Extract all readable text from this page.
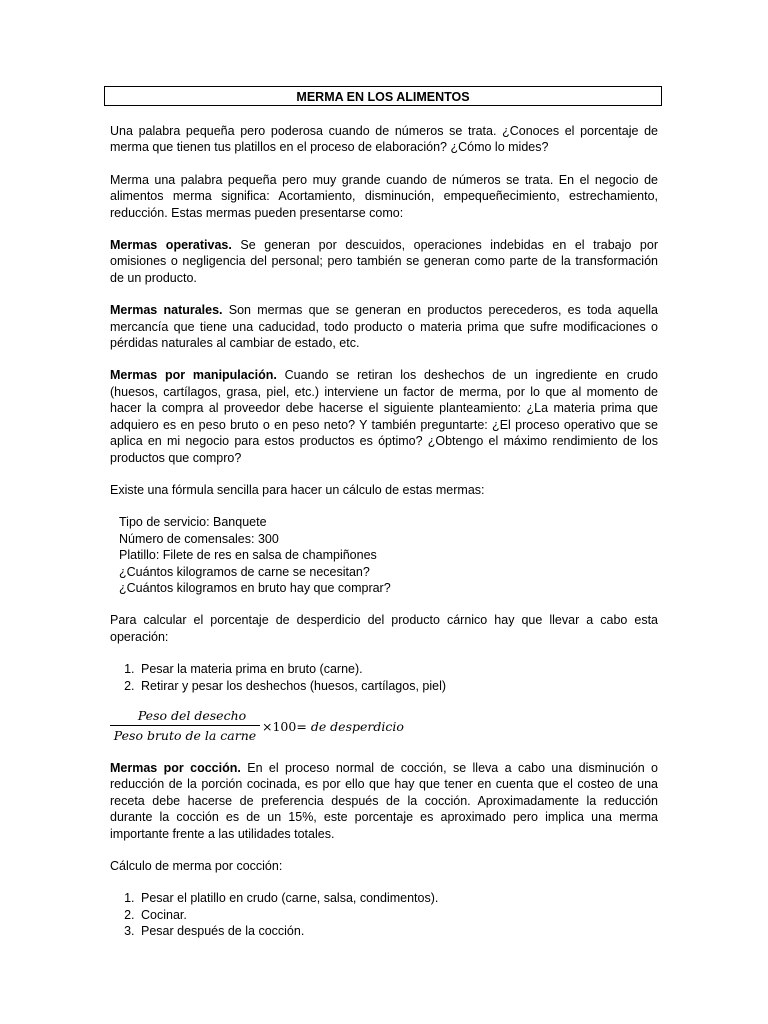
MERMA EN LOS ALIMENTOS

Una palabra pequeña pero poderosa cuando de números se trata. ¿Conoces el porcentaje de merma que tienen tus platillos en el proceso de elaboración? ¿Cómo lo mides?

Merma una palabra pequeña pero muy grande cuando de números se trata. En el negocio de alimentos merma significa: Acortamiento, disminución, empequeñecimiento, estrechamiento, reducción. Estas mermas pueden presentarse como:

Mermas operativas. Se generan por descuidos, operaciones indebidas en el trabajo por omisiones o negligencia del personal; pero también se generan como parte de la transformación de un producto.

Mermas naturales. Son mermas que se generan en productos perecederos, es toda aquella mercancía que tiene una caducidad, todo producto o materia prima que sufre modificaciones o pérdidas naturales al cambiar de estado, etc.

Mermas por manipulación. Cuando se retiran los deshechos de un ingrediente en crudo (huesos, cartílagos, grasa, piel, etc.) interviene un factor de merma, por lo que al momento de hacer la compra al proveedor debe hacerse el siguiente planteamiento: ¿La materia prima que adquiero es en peso bruto o en peso neto? Y también preguntarte: ¿El proceso operativo que se aplica en mi negocio para estos productos es óptimo? ¿Obtengo el máximo rendimiento de los productos que compro?

Existe una fórmula sencilla para hacer un cálculo de estas mermas:

Tipo de servicio: Banquete
Número de comensales: 300
Platillo: Filete de res en salsa de champiñones
¿Cuántos kilogramos de carne se necesitan?
¿Cuántos kilogramos en bruto hay que comprar?

Para calcular el porcentaje de desperdicio del producto cárnico hay que llevar a cabo esta operación:

1. Pesar la materia prima en bruto (carne).
2. Retirar y pesar los deshechos (huesos, cartílagos, piel)
Peso del desecho
Peso bruto de la carne
×100= de desperdicio

Mermas por cocción. En el proceso normal de cocción, se lleva a cabo una disminución o reducción de la porción cocinada, es por ello que hay que tener en cuenta que el costeo de una receta debe hacerse de preferencia después de la cocción. Aproximadamente la reducción durante la cocción es de un 15%, este porcentaje es aproximado pero implica una merma importante frente a las utilidades totales.

Cálculo de merma por cocción:

1. Pesar el platillo en crudo (carne, salsa, condimentos).
2. Cocinar.
3. Pesar después de la cocción.
